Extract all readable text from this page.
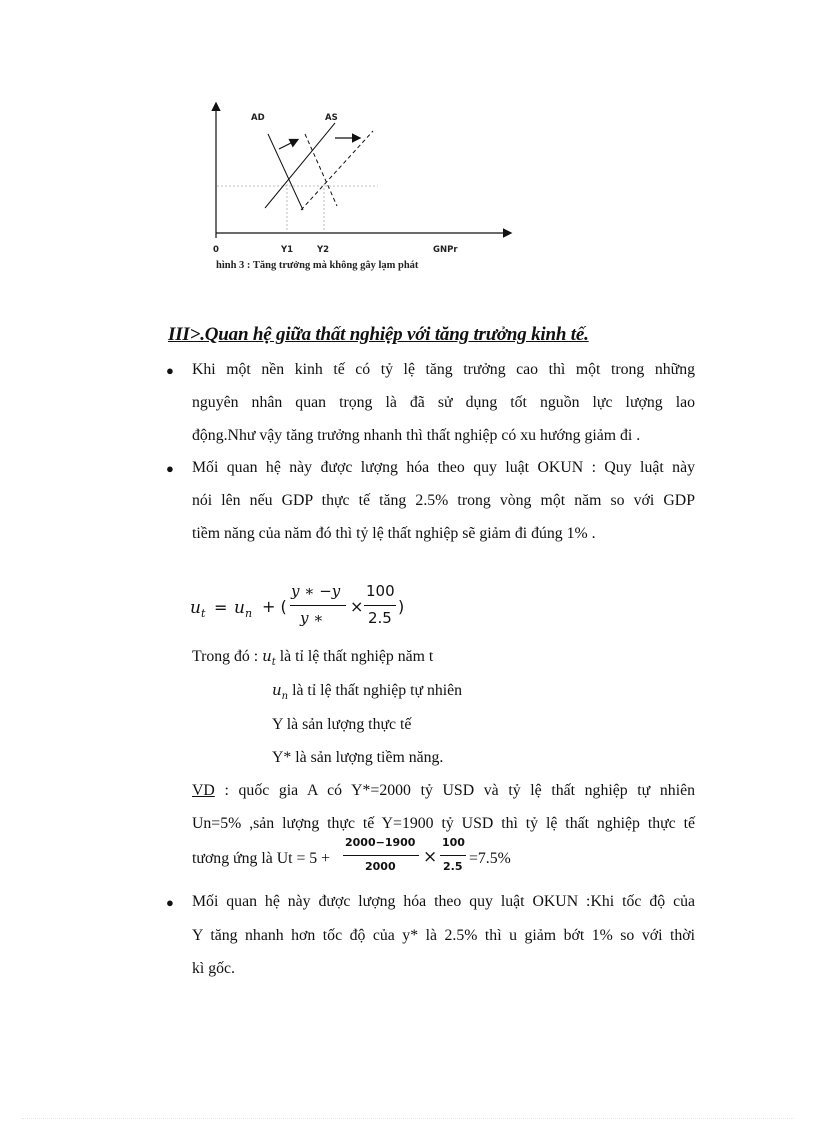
AD	AS
0	Y1	Y2	GNPr
hình 3 : Tăng trưởng mà không gây lạm phát
III>.Quan hệ giữa thất nghiệp với tăng trưởng kinh tế.
● Khi một nền kinh tế có tỷ lệ tăng trưởng cao thì một trong những
nguyên nhân quan trọng là đã sử dụng tốt nguồn lực lượng lao
động.Như vậy tăng trưởng nhanh thì thất nghiệp có xu hướng giảm đi .
● Mối quan hệ này được lượng hóa theo quy luật OKUN : Quy luật này
nói lên nếu GDP thực tế tăng 2.5% trong vòng một năm so với GDP
tiềm năng của năm đó thì tỷ lệ thất nghiệp sẽ giảm đi đúng 1% .
$u_t = u_n$ + (
y ∗ −y
y ∗
×
100
2.5
)
Trong đó : $u_t$ là tỉ lệ thất nghiệp năm t
$u_n$ là tỉ lệ thất nghiệp tự nhiên
Y là sản lượng thực tế
Y* là sản lượng tiềm năng.
VD : quốc gia A có Y*=2000 tỷ USD và tỷ lệ thất nghiệp tự nhiên
Un=5% ,sản lượng thực tế Y=1900 tỷ USD thì tỷ lệ thất nghiệp thực tế
tương ứng là Ut = 5 +
2000−1900
2000 ×
100
2.5 =7.5%
● Mối quan hệ này được lượng hóa theo quy luật OKUN :Khi tốc độ của
Y tăng nhanh hơn tốc độ của y* là 2.5% thì u giảm bớt 1% so với thời
kì gốc.
